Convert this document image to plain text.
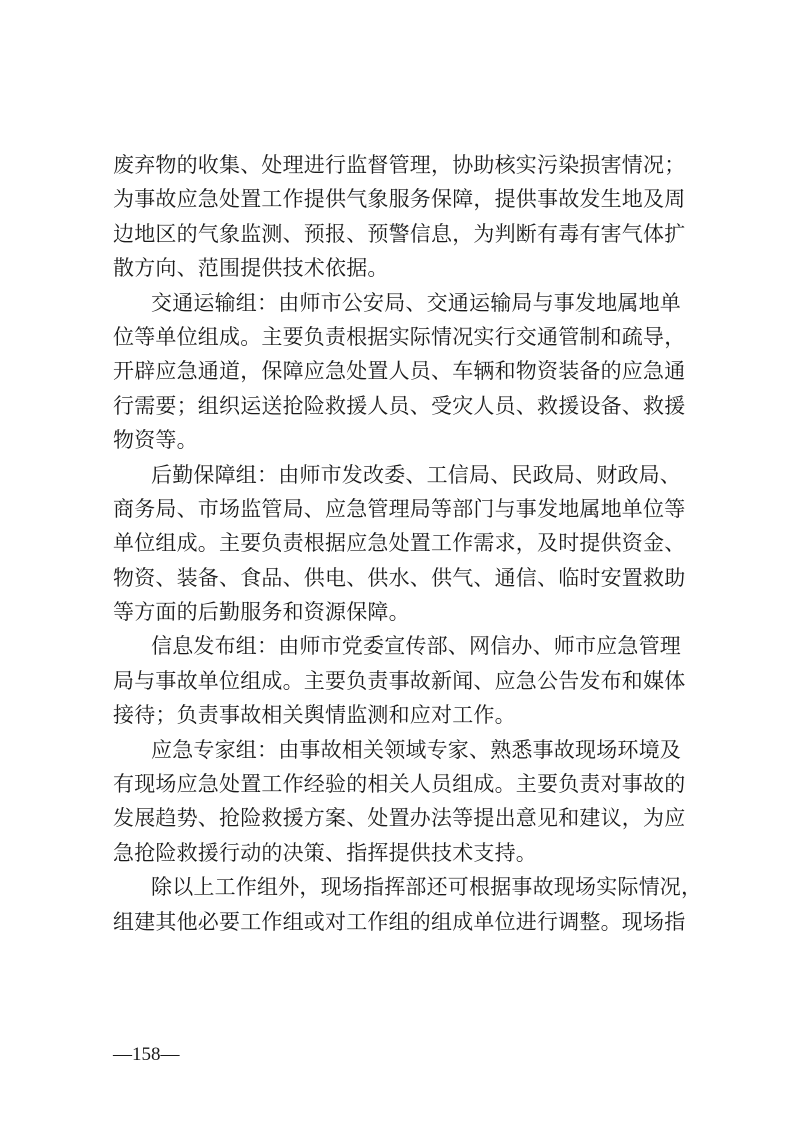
废弃物的收集、处理进行监督管理，协助核实污染损害情况；
为事故应急处置工作提供气象服务保障，提供事故发生地及周
边地区的气象监测、预报、预警信息，为判断有毒有害气体扩
散方向、范围提供技术依据。
交通运输组：由师市公安局、交通运输局与事发地属地单
位等单位组成。主要负责根据实际情况实行交通管制和疏导，
开辟应急通道，保障应急处置人员、车辆和物资装备的应急通
行需要；组织运送抢险救援人员、受灾人员、救援设备、救援
物资等。
后勤保障组：由师市发改委、工信局、民政局、财政局、
商务局、市场监管局、应急管理局等部门与事发地属地单位等
单位组成。主要负责根据应急处置工作需求，及时提供资金、
物资、装备、食品、供电、供水、供气、通信、临时安置救助
等方面的后勤服务和资源保障。
信息发布组：由师市党委宣传部、网信办、师市应急管理
局与事故单位组成。主要负责事故新闻、应急公告发布和媒体
接待；负责事故相关舆情监测和应对工作。
应急专家组：由事故相关领域专家、熟悉事故现场环境及
有现场应急处置工作经验的相关人员组成。主要负责对事故的
发展趋势、抢险救援方案、处置办法等提出意见和建议，为应
急抢险救援行动的决策、指挥提供技术支持。
除以上工作组外，现场指挥部还可根据事故现场实际情况，
组建其他必要工作组或对工作组的组成单位进行调整。现场指
—158—
